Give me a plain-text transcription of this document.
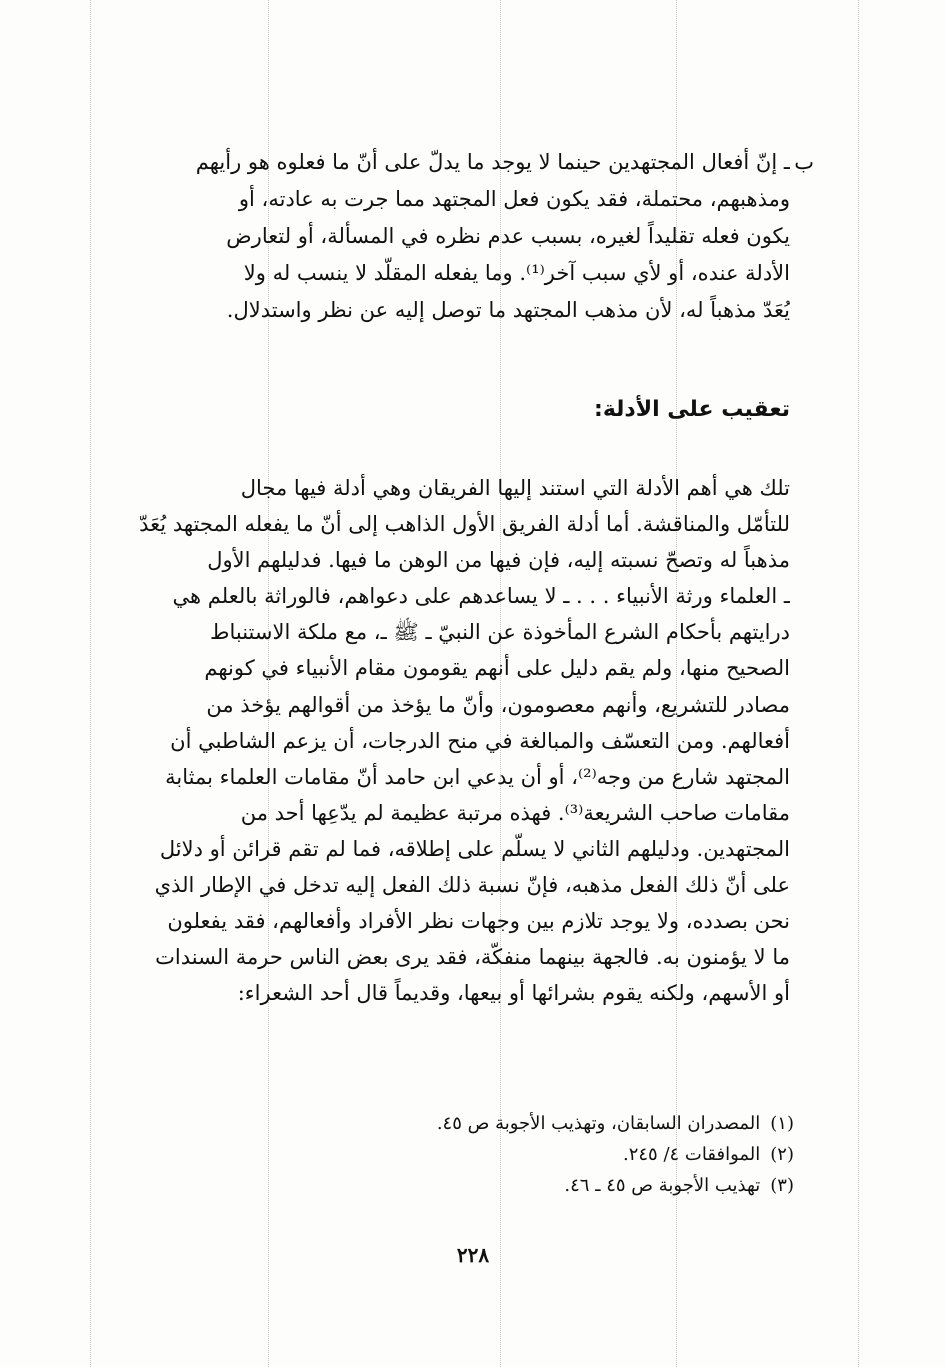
ب
ـ إنّ أفعال المجتهدين حينما لا يوجد ما يدلّ على أنّ ما فعلوه هو رأيهم
ومذهبهم، محتملة، فقد يكون فعل المجتهد مما جرت به عادته، أو
يكون فعله تقليداً لغيره، بسبب عدم نظره في المسألة، أو لتعارض
الأدلة عنده، أو لأي سبب آخر⁽¹⁾. وما يفعله المقلّد لا ينسب له ولا
يُعَدّ مذهباً له، لأن مذهب المجتهد ما توصل إليه عن نظر واستدلال.
تعقيب على الأدلة:
تلك هي أهم الأدلة التي استند إليها الفريقان وهي أدلة فيها مجال
للتأمّل والمناقشة. أما أدلة الفريق الأول الذاهب إلى أنّ ما يفعله المجتهد يُعَدّ
مذهباً له وتصحّ نسبته إليه، فإن فيها من الوهن ما فيها. فدليلهم الأول
ـ العلماء ورثة الأنبياء . . . ـ لا يساعدهم على دعواهم، فالوراثة بالعلم هي
درايتهم بأحكام الشرع المأخوذة عن النبيّ ـ ﷺ ـ، مع ملكة الاستنباط
الصحيح منها، ولم يقم دليل على أنهم يقومون مقام الأنبياء في كونهم
مصادر للتشريع، وأنهم معصومون، وأنّ ما يؤخذ من أقوالهم يؤخذ من
أفعالهم. ومن التعسّف والمبالغة في منح الدرجات، أن يزعم الشاطبي أن
المجتهد شارع من وجه⁽²⁾، أو أن يدعي ابن حامد أنّ مقامات العلماء بمثابة
مقامات صاحب الشريعة⁽³⁾. فهذه مرتبة عظيمة لم يدّعِها أحد من
المجتهدين. ودليلهم الثاني لا يسلّم على إطلاقه، فما لم تقم قرائن أو دلائل
على أنّ ذلك الفعل مذهبه، فإنّ نسبة ذلك الفعل إليه تدخل في الإطار الذي
نحن بصدده، ولا يوجد تلازم بين وجهات نظر الأفراد وأفعالهم، فقد يفعلون
ما لا يؤمنون به. فالجهة بينهما منفكّة، فقد يرى بعض الناس حرمة السندات
أو الأسهم، ولكنه يقوم بشرائها أو بيعها، وقديماً قال أحد الشعراء:
(١)المصدران السابقان، وتهذيب الأجوبة ص ٤٥.
(٢)الموافقات ٤/ ٢٤٥.
(٣)تهذيب الأجوبة ص ٤٥ ـ ٤٦.
٢٢٨
